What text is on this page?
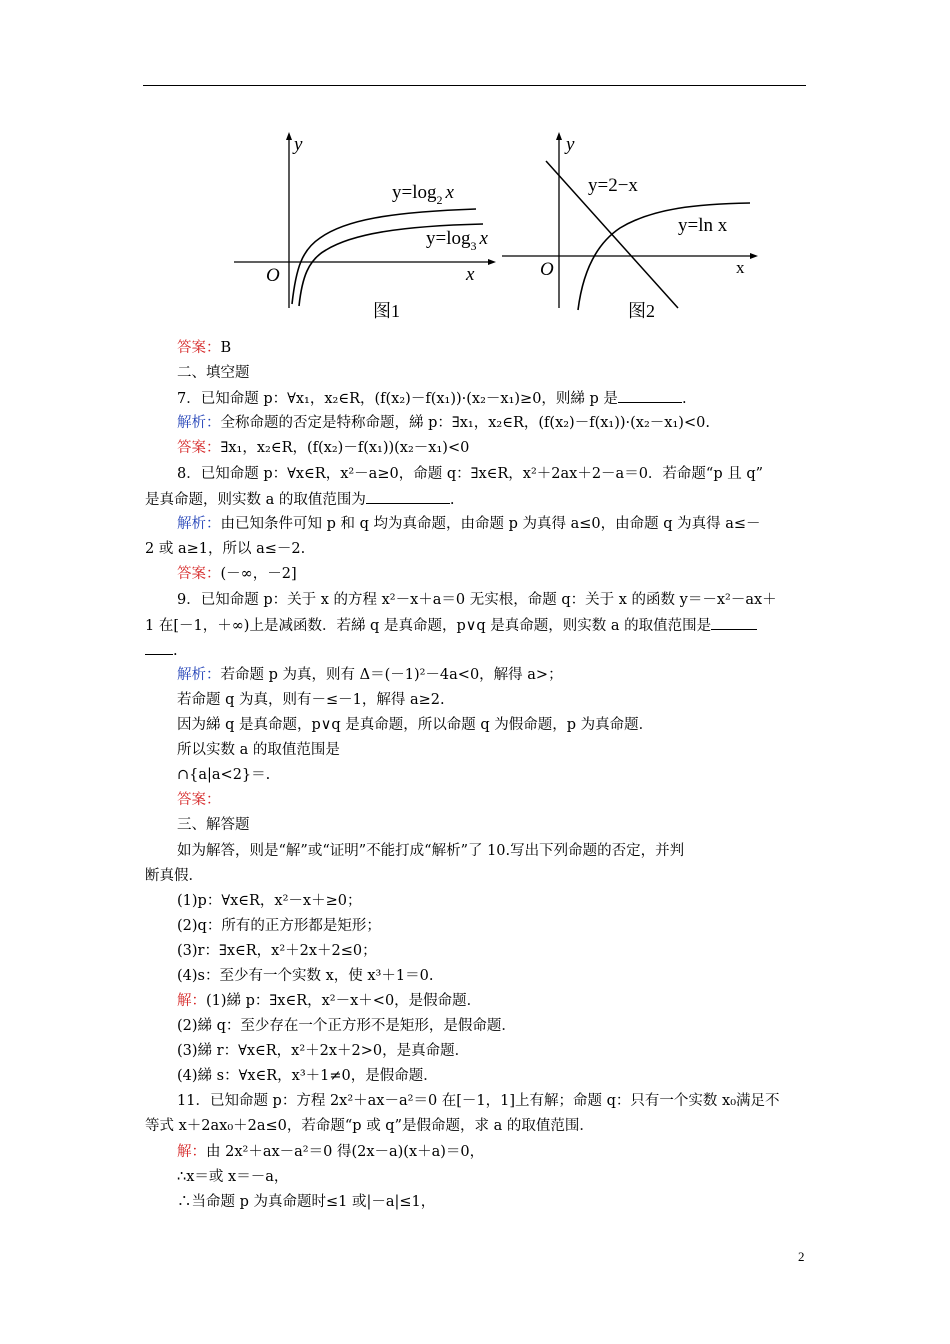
y
x
O
$y=\log_2$ x
$y=\log_3$ x
图1
y
x
O
y=2−x
y=ln x
图2
答案：B
二、填空题
7．已知命题 p：∀x₁，x₂∈R，(f(x₂)－f(x₁))·(x₂－x₁)≥0，则綈 p 是	.
解析：全称命题的否定是特称命题，綈 p：∃x₁，x₂∈R，(f(x₂)－f(x₁))·(x₂－x₁)<0.
答案：∃x₁，x₂∈R，(f(x₂)－f(x₁))(x₂－x₁)<0
8．已知命题 p：∀x∈R，x²－a≥0，命题 q：∃x∈R，x²＋2ax＋2－a＝0．若命题“p 且 q”
是真命题，则实数 a 的取值范围为	.
解析：由已知条件可知 p 和 q 均为真命题，由命题 p 为真得 a≤0，由命题 q 为真得 a≤－
2 或 a≥1，所以 a≤－2.
答案：(－∞，－2]
9．已知命题 p：关于 x 的方程 x²－x＋a＝0 无实根，命题 q：关于 x 的函数 y＝－x²－ax＋
1 在[－1，＋∞)上是减函数．若綈 q 是真命题，p∨q 是真命题，则实数 a 的取值范围是
.
解析：若命题 p 为真，则有 Δ＝(－1)²－4a<0，解得 a>；
若命题 q 为真，则有－≤－1，解得 a≥2.
因为綈 q 是真命题，p∨q 是真命题，所以命题 q 为假命题，p 为真命题．
所以实数 a 的取值范围是
∩{a|a<2}＝.
答案：
三、解答题
如为解答，则是“解”或“证明”不能打成“解析”了 10.写出下列命题的否定，并判
断真假．
(1)p：∀x∈R，x²－x＋≥0；
(2)q：所有的正方形都是矩形；
(3)r：∃x∈R，x²＋2x＋2≤0；
(4)s：至少有一个实数 x，使 x³＋1＝0.
解：(1)綈 p：∃x∈R，x²－x＋<0，是假命题．
(2)綈 q：至少存在一个正方形不是矩形，是假命题．
(3)綈 r：∀x∈R，x²＋2x＋2>0，是真命题．
(4)綈 s：∀x∈R，x³＋1≠0，是假命题．
11．已知命题 p：方程 2x²＋ax－a²＝0 在[－1，1]上有解；命题 q：只有一个实数 x₀满足不
等式 x＋2ax₀＋2a≤0，若命题“p 或 q”是假命题，求 a 的取值范围．
解：由 2x²＋ax－a²＝0 得(2x－a)(x＋a)＝0，
∴x＝或 x＝－a，
∴当命题 p 为真命题时≤1 或|－a|≤1，
2
